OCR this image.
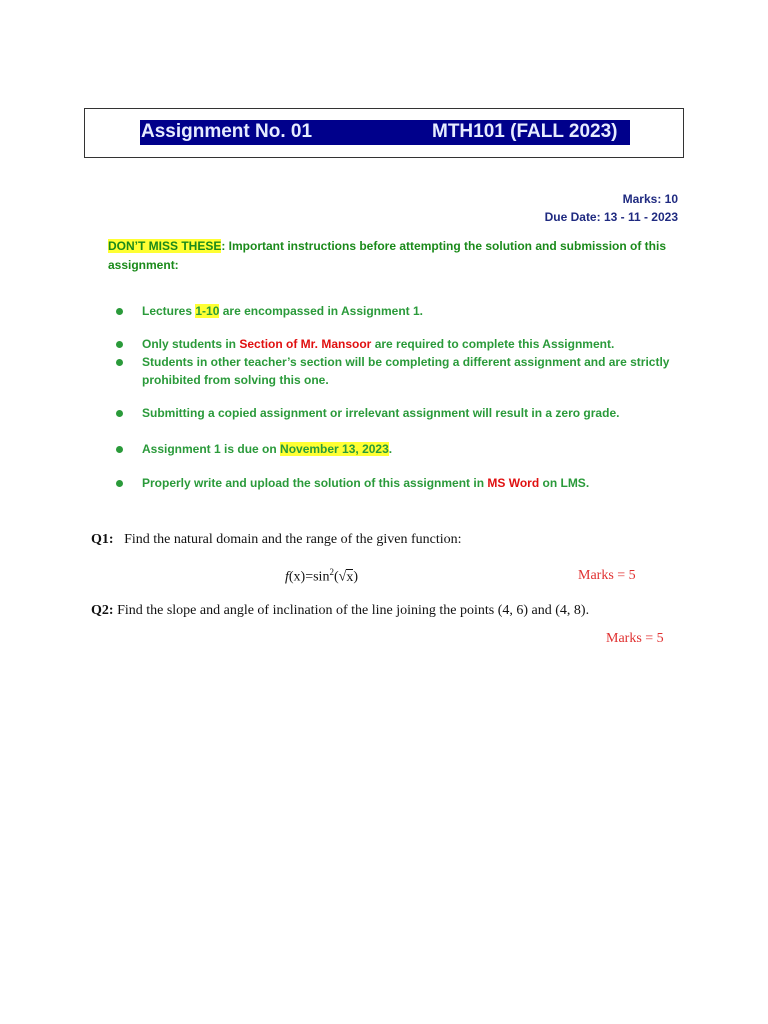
Assignment No. 01	MTH101 (FALL 2023)
Marks: 10
Due Date: 13 - 11 - 2023
DON’T MISS THESE: Important instructions before attempting the solution and submission of this
assignment:
Lectures 1-10 are encompassed in Assignment 1.
Only students in Section of Mr. Mansoor are required to complete this Assignment.
Students in other teacher’s section will be completing a different assignment and are strictly
prohibited from solving this one.
Submitting a copied assignment or irrelevant assignment will result in a zero grade.
Assignment 1 is due on November 13, 2023.
Properly write and upload the solution of this assignment in MS Word on LMS.
Q1: Find the natural domain and the range of the given function:
$f(x)=\sin^2(√x)$	Marks = 5
Q2: Find the slope and angle of inclination of the line joining the points (4, 6) and (4, 8).
Marks = 5
